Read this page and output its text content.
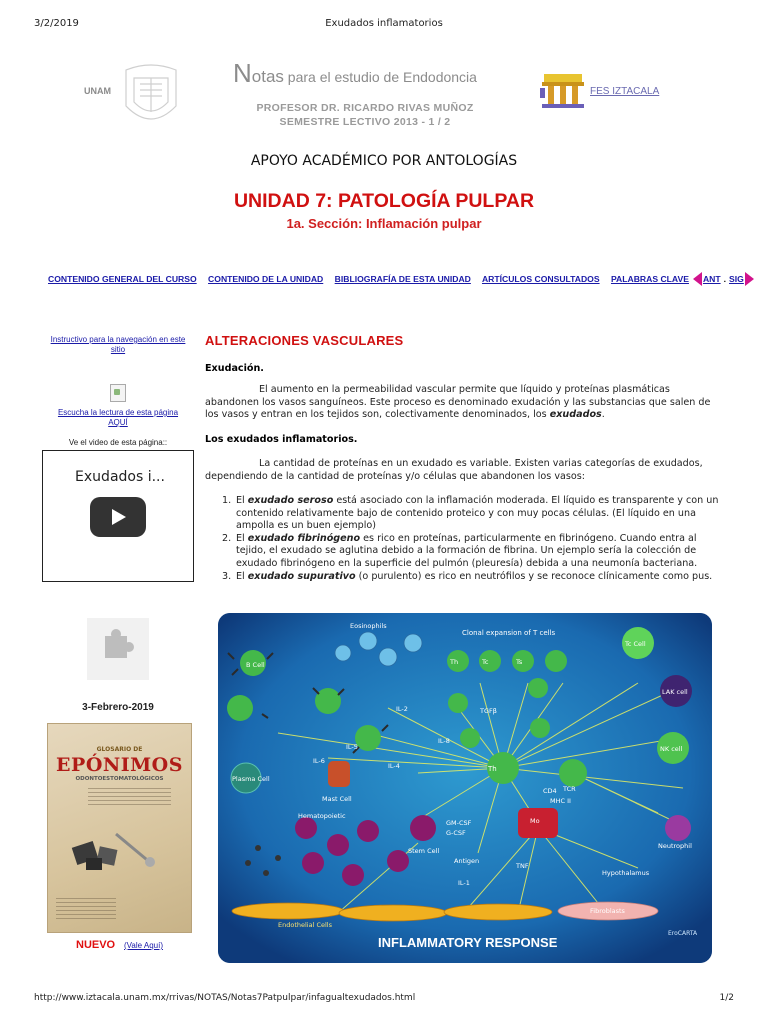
3/2/2019	Exudados inflamatorios
UNAM
Notas para el estudio de Endodoncia
PROFESOR DR. RICARDO RIVAS MUÑOZ
SEMESTRE LECTIVO 2013 - 1 / 2
FES IZTACALA
APOYO ACADÉMICO POR ANTOLOGÍAS
UNIDAD 7: PATOLOGÍA PULPAR
1a. Sección: Inflamación pulpar
CONTENIDO GENERAL DEL CURSO CONTENIDO DE LA UNIDAD BIBLIOGRAFÍA DE ESTA UNIDAD ARTÍCULOS CONSULTADOS PALABRAS CLAVE ANT . SIG
Instructivo para la navegación en este sitio
Escucha la lectura de esta página AQUÍ
Ve el video de esta página::
Exudados i...
3-Febrero-2019
GLOSARIO DE
EPÓNIMOS
ODONTOESTOMATOLÓGICOS
NUEVO (Vale Aquí)
ALTERACIONES VASCULARES
Exudación.
El aumento en la permeabilidad vascular permite que líquido y proteínas plasmáticas abandonen los vasos sanguíneos. Este proceso es denominado exudación y las substancias que salen de los vasos y entran en los tejidos son, colectivamente denominados, los exudados.
Los exudados inflamatorios.
La cantidad de proteínas en un exudado es variable. Existen varias categorías de exudados, dependiendo de la cantidad de proteínas y/o células que abandonen los vasos:
1. El exudado seroso está asociado con la inflamación moderada. El líquido es transparente y con un contenido relativamente bajo de contenido proteico y con muy pocas células. (El líquido en una ampolla es un buen ejemplo)
2. El exudado fibrinógeno es rico en proteínas, particularmente en fibrinógeno. Cuando entra al tejido, el exudado se aglutina debido a la formación de fibrina. Un ejemplo sería la colección de exudado fibrinógeno en la superficie del pulmón (pleuresía) debida a una neumonía bacteriana.
3. El exudado supurativo (o purulento) es rico en neutrófilos y se reconoce clínicamente como pus.
Clonal expansion of T cells
Eosinophils
Th
Th	Tc	Ts
Tc Cell
LAK cell
NK cell
Mast Cell
Stem Cell
Neutrophil
Fibroblasts
Endothelial Cells
IL-2
IL-4
IL-5
IL-6
TGFβ
IL-1
IL-8
TNF
GM-CSF
G-CSF
Antigen
Hypothalamus
MHC II
CD4 TCR
Hematopoietic
B Cell
Plasma Cell
Mo
EroCARTA
INFLAMMATORY RESPONSE
http://www.iztacala.unam.mx/rrivas/NOTAS/Notas7Patpulpar/infagualtexudados.html	1/2
